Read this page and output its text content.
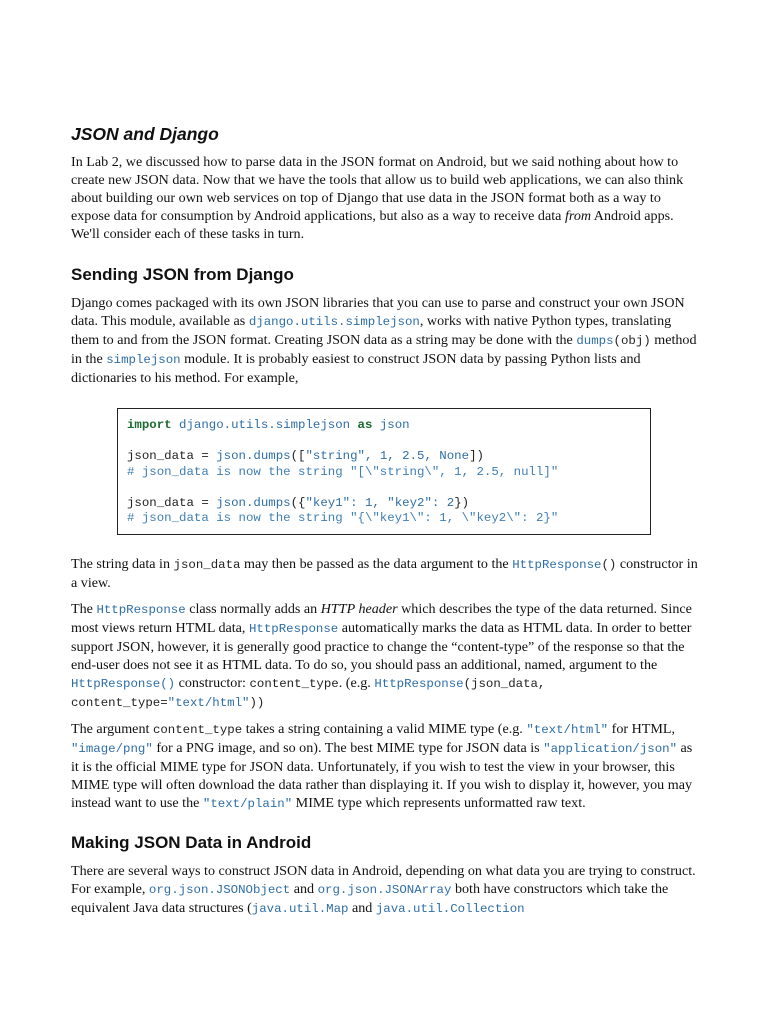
JSON and Django

In Lab 2, we discussed how to parse data in the JSON format on Android, but we said nothing about how to create new JSON data. Now that we have the tools that allow us to build web applications, we can also think about building our own web services on top of Django that use data in the JSON format both as a way to expose data for consumption by Android applications, but also as a way to receive data from Android apps. We'll consider each of these tasks in turn.

Sending JSON from Django

Django comes packaged with its own JSON libraries that you can use to parse and construct your own JSON data. This module, available as django.utils.simplejson, works with native Python types, translating them to and from the JSON format. Creating JSON data as a string may be done with the dumps(obj) method in the simplejson module. It is probably easiest to construct JSON data by passing Python lists and dictionaries to his method. For example,

import django.utils.simplejson as json

json_data = json.dumps(["string", 1, 2.5, None])
# json_data is now the string "[\"string\", 1, 2.5, null]"

json_data = json.dumps({"key1": 1, "key2": 2})
# json_data is now the string "{\"key1\": 1, \"key2\": 2}"

The string data in json_data may then be passed as the data argument to the HttpResponse() constructor in a view.

The HttpResponse class normally adds an HTTP header which describes the type of the data returned. Since most views return HTML data, HttpResponse automatically marks the data as HTML data. In order to better support JSON, however, it is generally good practice to change the “content-type” of the response so that the end-user does not see it as HTML data. To do so, you should pass an additional, named, argument to the HttpResponse() constructor: content_type. (e.g. HttpResponse(json_data, content_type="text/html"))

The argument content_type takes a string containing a valid MIME type (e.g. "text/html" for HTML, "image/png" for a PNG image, and so on). The best MIME type for JSON data is "application/json" as it is the official MIME type for JSON data. Unfortunately, if you wish to test the view in your browser, this MIME type will often download the data rather than displaying it. If you wish to display it, however, you may instead want to use the "text/plain" MIME type which represents unformatted raw text.

Making JSON Data in Android

There are several ways to construct JSON data in Android, depending on what data you are trying to construct. For example, org.json.JSONObject and org.json.JSONArray both have constructors which take the equivalent Java data structures (java.util.Map and java.util.Collection
